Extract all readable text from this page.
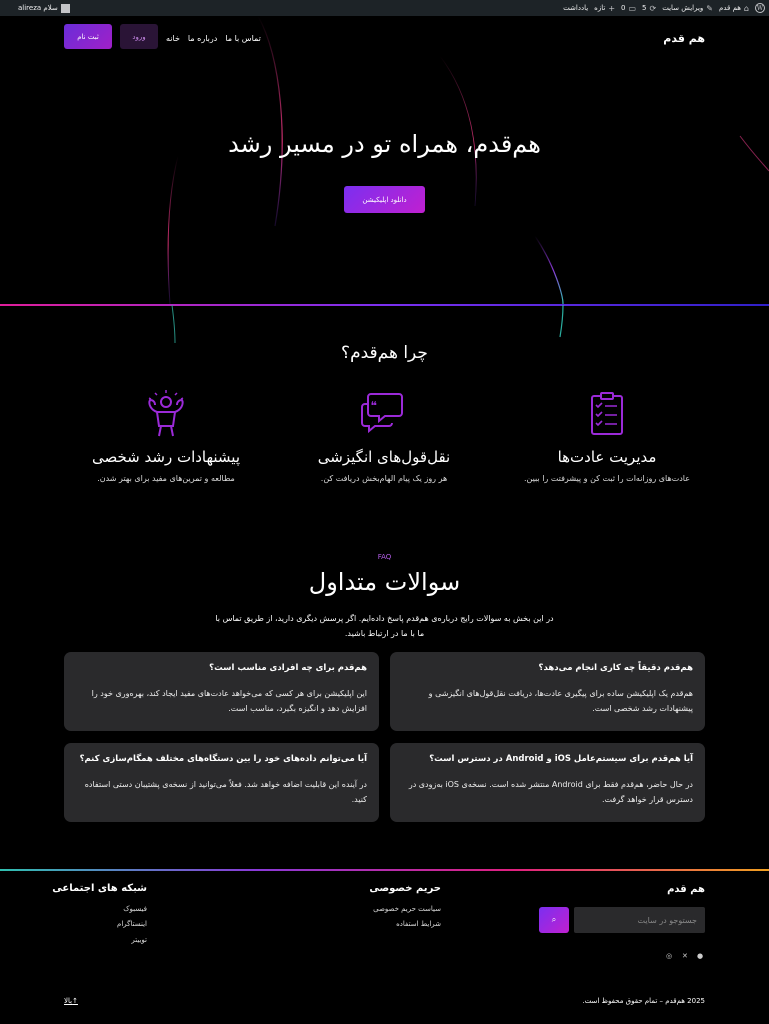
W
⌂
هم قدم
✎
ویرایش سایت
⟳
5
▭
0
+
تازه
یادداشت
سلام alireza
هم قدم
خانه درباره ما تماس با ما
ورود
ثبت نام
هم‌قدم، همراه تو در مسیر رشد
دانلود اپلیکیشن
چرا هم‌قدم؟
مدیریت عادت‌ها

عادت‌های روزانه‌ات را ثبت کن و پیشرفتت را ببین.

❝
نقل‌قول‌های انگیزشی

هر روز یک پیام الهام‌بخش دریافت کن.

پیشنهادات رشد شخصی

مطالعه و تمرین‌های مفید برای بهتر شدن.

FAQ
سوالات متداول
در این بخش به سوالات رایج درباره‌ی هم‌قدم پاسخ داده‌ایم. اگر پرسش دیگری دارید، از طریق تماس با
ما با ما در ارتباط باشید.
هم‌قدم دقیقاً چه کاری انجام می‌دهد؟

هم‌قدم یک اپلیکیشن ساده برای پیگیری عادت‌ها، دریافت نقل‌قول‌های انگیزشی و پیشنهادات رشد شخصی است.

هم‌قدم برای چه افرادی مناسب است؟

این اپلیکیشن برای هر کسی که می‌خواهد عادت‌های مفید ایجاد کند، بهره‌وری خود را افزایش دهد و انگیزه بگیرد، مناسب است.

آیا هم‌قدم برای سیستم‌عامل iOS و Android در دسترس است؟

در حال حاضر، هم‌قدم فقط برای Android منتشر شده است. نسخه‌ی iOS به‌زودی در دسترس قرار خواهد گرفت.

آیا می‌توانم داده‌های خود را بین دستگاه‌های مختلف همگام‌سازی کنم؟

در آینده این قابلیت اضافه خواهد شد. فعلاً می‌توانید از نسخه‌ی پشتیبان دستی استفاده کنید.

هم قدم
جستوجو در سایت
⌕
حریم خصوصی
سیاست حریم خصوصی
شرایط استفاده
شبکه های اجتماعی
فیسبوک
اینستاگرام
توییتر
●
✕
◎
2025 هم‌قدم – تمام حقوق محفوظ است.
بالا↑
